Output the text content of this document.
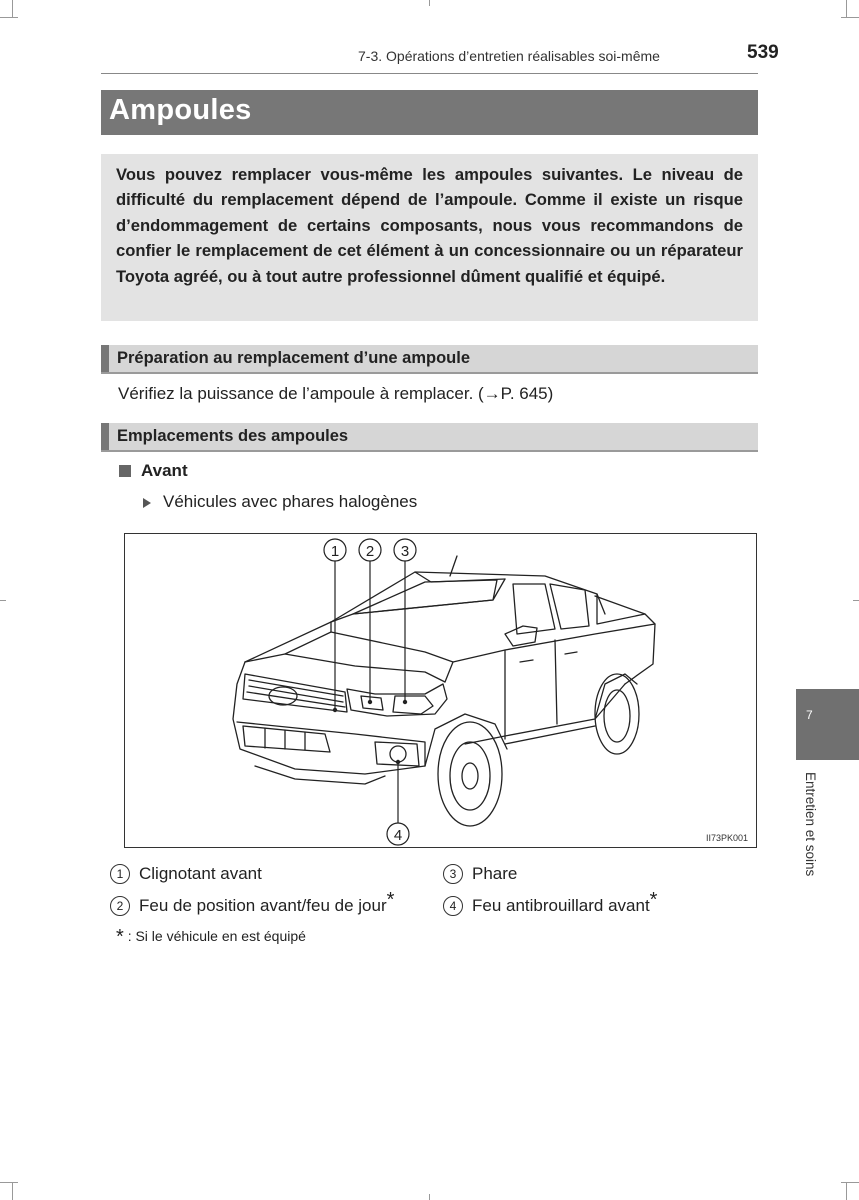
7-3. Opérations d’entretien réalisables soi-même	539
Ampoules

Vous pouvez remplacer vous-même les ampoules suivantes. Le niveau de difficulté du remplacement dépend de l’ampoule. Comme il existe un risque d’endommagement de certains composants, nous vous recommandons de confier le remplacement de cet élément à un concessionnaire ou un réparateur Toyota agréé, ou à tout autre professionnel dûment qualifié et équipé.

Préparation au remplacement d’une ampoule
Vérifiez la puissance de l’ampoule à remplacer. (→P. 645)
Emplacements des ampoules
Avant
Véhicules avec phares halogènes
1 2 3
4	II73PK001
1 Clignotant avant	3 Phare
2 Feu de position avant/feu de jour*	4 Feu antibrouillard avant*
* : Si le véhicule en est équipé
7
Entretien et soins
